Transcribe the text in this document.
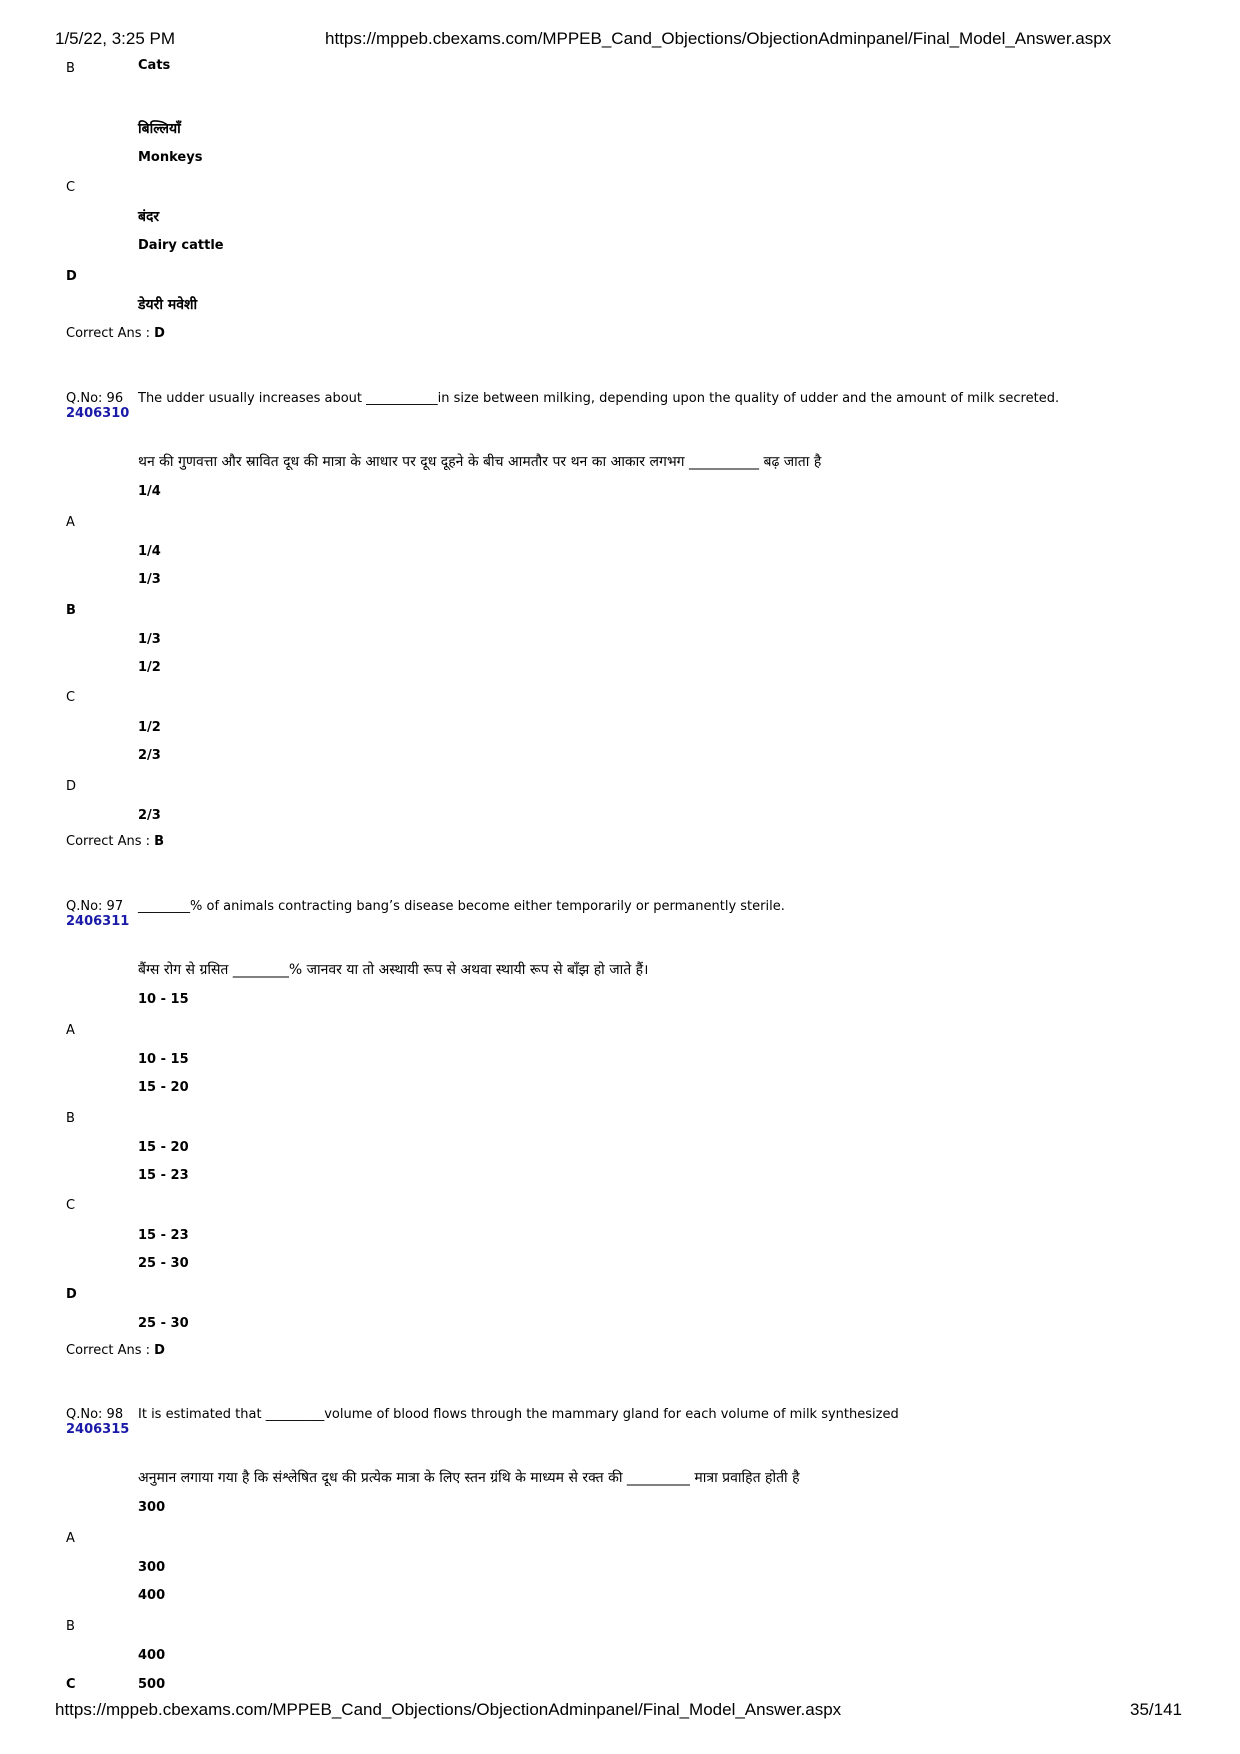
1/5/22, 3:25 PM	https://mppeb.cbexams.com/MPPEB_Cand_Objections/ObjectionAdminpanel/Final_Model_Answer.aspx
B	Cats
बिल्लियाँ
Monkeys
C
बंदर
Dairy cattle
D
डेयरी मवेशी
Correct Ans : D
Q.No: 96
2406310
The udder usually increases about ___________in size between milking, depending upon the quality of udder and the amount of milk secreted.
थन की गुणवत्ता और स्रावित दूध की मात्रा के आधार पर दूध दूहने के बीच आमतौर पर थन का आकार लगभग __________ बढ़ जाता है
1/4
A
1/4
1/3
B
1/3
1/2
C
1/2
2/3
D
2/3
Correct Ans : B
Q.No: 97
2406311
________% of animals contracting bang’s disease become either temporarily or permanently sterile.
बैंग्स रोग से ग्रसित ________% जानवर या तो अस्थायी रूप से अथवा स्थायी रूप से बाँझ हो जाते हैं।
10 - 15
A
10 - 15
15 - 20
B
15 - 20
15 - 23
C
15 - 23
25 - 30
D
25 - 30
Correct Ans : D
Q.No: 98
2406315
It is estimated that _________volume of blood flows through the mammary gland for each volume of milk synthesized
अनुमान लगाया गया है कि संश्लेषित दूध की प्रत्येक मात्रा के लिए स्तन ग्रंथि के माध्यम से रक्त की _________ मात्रा प्रवाहित होती है
300
A
300
400
B
400
C	500
https://mppeb.cbexams.com/MPPEB_Cand_Objections/ObjectionAdminpanel/Final_Model_Answer.aspx	35/141
